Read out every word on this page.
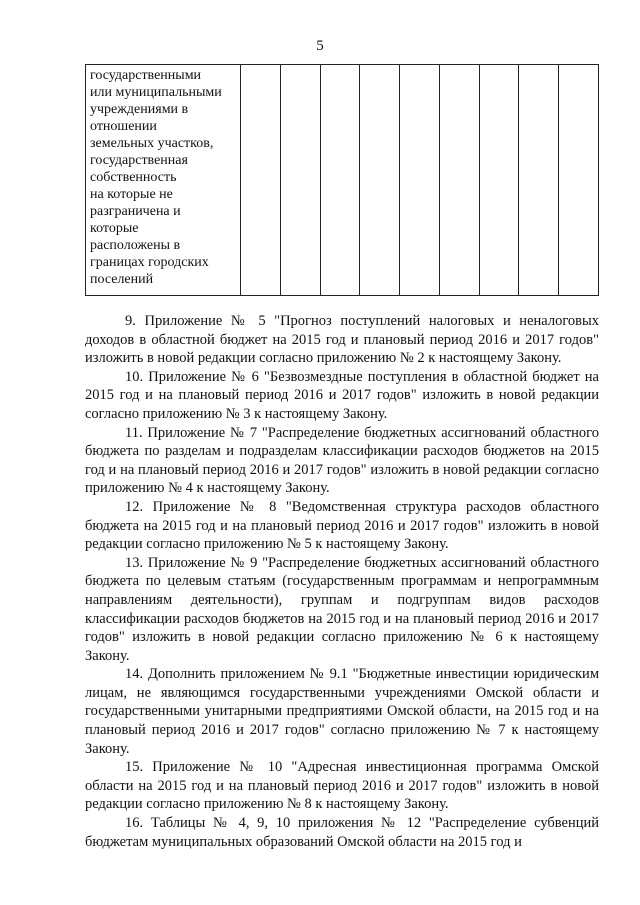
5
государственными
или муниципальными
учреждениями в
отношении
земельных участков,
государственная
собственность
на которые не
разграничена и
которые
расположены в
границах городских
поселений

9. Приложение № 5 "Прогноз поступлений налоговых и неналоговых доходов в областной бюджет на 2015 год и плановый период 2016 и 2017 годов" изложить в новой редакции согласно приложению № 2 к настоящему Закону.

10. Приложение № 6 "Безвозмездные поступления в областной бюджет на 2015 год и на плановый период 2016 и 2017 годов" изложить в новой редакции согласно приложению № 3 к настоящему Закону.

11. Приложение № 7 "Распределение бюджетных ассигнований областного бюджета по разделам и подразделам классификации расходов бюджетов на 2015 год и на плановый период 2016 и 2017 годов" изложить в новой редакции согласно приложению № 4 к настоящему Закону.

12. Приложение № 8 "Ведомственная структура расходов областного бюджета на 2015 год и на плановый период 2016 и 2017 годов" изложить в новой редакции согласно приложению № 5 к настоящему Закону.

13. Приложение № 9 "Распределение бюджетных ассигнований областного бюджета по целевым статьям (государственным программам и непрограммным направлениям деятельности), группам и подгруппам видов расходов классификации расходов бюджетов на 2015 год и на плановый период 2016 и 2017 годов" изложить в новой редакции согласно приложению № 6 к настоящему Закону.

14. Дополнить приложением № 9.1 "Бюджетные инвестиции юридическим лицам, не являющимся государственными учреждениями Омской области и государственными унитарными предприятиями Омской области, на 2015 год и на плановый период 2016 и 2017 годов" согласно приложению № 7 к настоящему Закону.

15. Приложение № 10 "Адресная инвестиционная программа Омской области на 2015 год и на плановый период 2016 и 2017 годов" изложить в новой редакции согласно приложению № 8 к настоящему Закону.

16. Таблицы № 4, 9, 10 приложения № 12 "Распределение субвенций бюджетам муниципальных образований Омской области на 2015 год и
